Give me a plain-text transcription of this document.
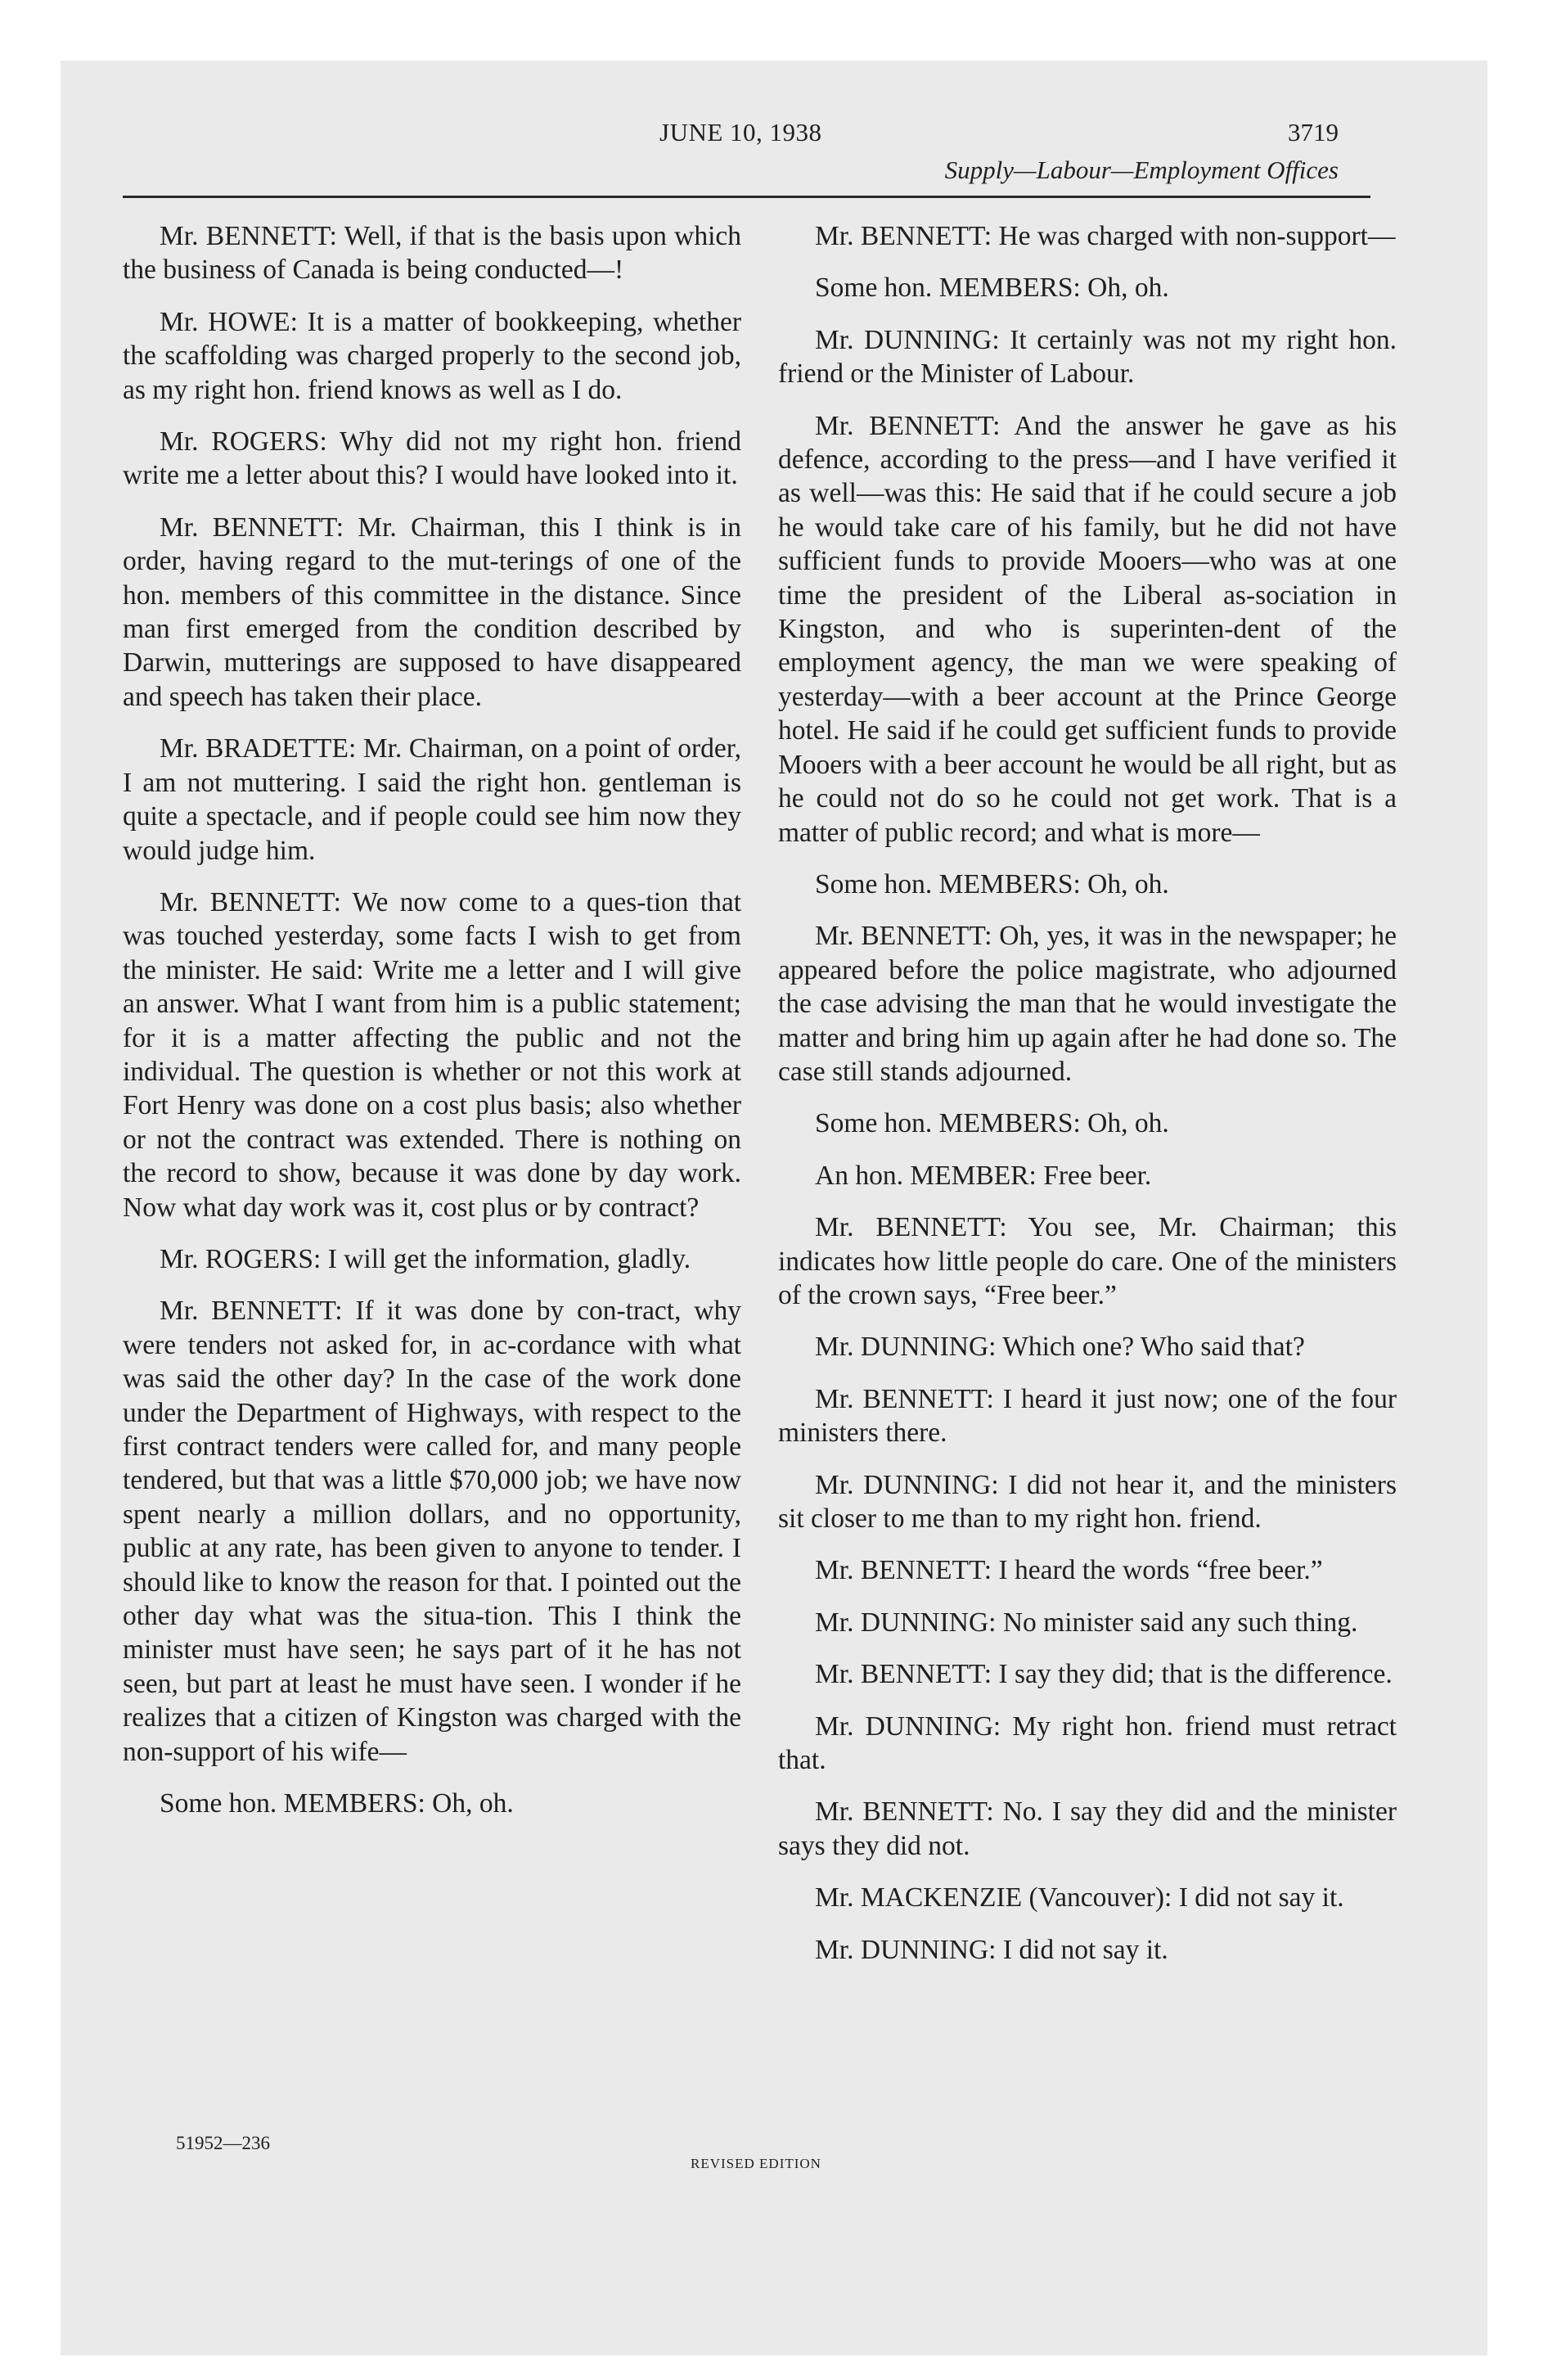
JUNE 10, 1938	3719

Supply—Labour—Employment Offices

Mr. BENNETT: Well, if that is the basis upon which the business of Canada is being conducted—!

Mr. HOWE: It is a matter of bookkeeping, whether the scaffolding was charged properly to the second job, as my right hon. friend knows as well as I do.

Mr. ROGERS: Why did not my right hon. friend write me a letter about this? I would have looked into it.

Mr. BENNETT: Mr. Chairman, this I think is in order, having regard to the mut-terings of one of the hon. members of this committee in the distance. Since man first emerged from the condition described by Darwin, mutterings are supposed to have disappeared and speech has taken their place.

Mr. BRADETTE: Mr. Chairman, on a point of order, I am not muttering. I said the right hon. gentleman is quite a spectacle, and if people could see him now they would judge him.

Mr. BENNETT: We now come to a ques-tion that was touched yesterday, some facts I wish to get from the minister. He said: Write me a letter and I will give an answer. What I want from him is a public statement; for it is a matter affecting the public and not the individual. The question is whether or not this work at Fort Henry was done on a cost plus basis; also whether or not the contract was extended. There is nothing on the record to show, because it was done by day work. Now what day work was it, cost plus or by contract?

Mr. ROGERS: I will get the information, gladly.

Mr. BENNETT: If it was done by con-tract, why were tenders not asked for, in ac-cordance with what was said the other day? In the case of the work done under the Department of Highways, with respect to the first contract tenders were called for, and many people tendered, but that was a little $70,000 job; we have now spent nearly a million dollars, and no opportunity, public at any rate, has been given to anyone to tender. I should like to know the reason for that. I pointed out the other day what was the situa-tion. This I think the minister must have seen; he says part of it he has not seen, but part at least he must have seen. I wonder if he realizes that a citizen of Kingston was charged with the non-support of his wife—

Some hon. MEMBERS: Oh, oh.

Mr. BENNETT: He was charged with non-support—

Some hon. MEMBERS: Oh, oh.

Mr. DUNNING: It certainly was not my right hon. friend or the Minister of Labour.

Mr. BENNETT: And the answer he gave as his defence, according to the press—and I have verified it as well—was this: He said that if he could secure a job he would take care of his family, but he did not have sufficient funds to provide Mooers—who was at one time the president of the Liberal as-sociation in Kingston, and who is superinten-dent of the employment agency, the man we were speaking of yesterday—with a beer account at the Prince George hotel. He said if he could get sufficient funds to provide Mooers with a beer account he would be all right, but as he could not do so he could not get work. That is a matter of public record; and what is more—

Some hon. MEMBERS: Oh, oh.

Mr. BENNETT: Oh, yes, it was in the newspaper; he appeared before the police magistrate, who adjourned the case advising the man that he would investigate the matter and bring him up again after he had done so. The case still stands adjourned.

Some hon. MEMBERS: Oh, oh.

An hon. MEMBER: Free beer.

Mr. BENNETT: You see, Mr. Chairman; this indicates how little people do care. One of the ministers of the crown says, “Free beer.”

Mr. DUNNING: Which one? Who said that?

Mr. BENNETT: I heard it just now; one of the four ministers there.

Mr. DUNNING: I did not hear it, and the ministers sit closer to me than to my right hon. friend.

Mr. BENNETT: I heard the words “free beer.”

Mr. DUNNING: No minister said any such thing.

Mr. BENNETT: I say they did; that is the difference.

Mr. DUNNING: My right hon. friend must retract that.

Mr. BENNETT: No. I say they did and the minister says they did not.

Mr. MACKENZIE (Vancouver): I did not say it.

Mr. DUNNING: I did not say it.

51952—236

REVISED EDITION
